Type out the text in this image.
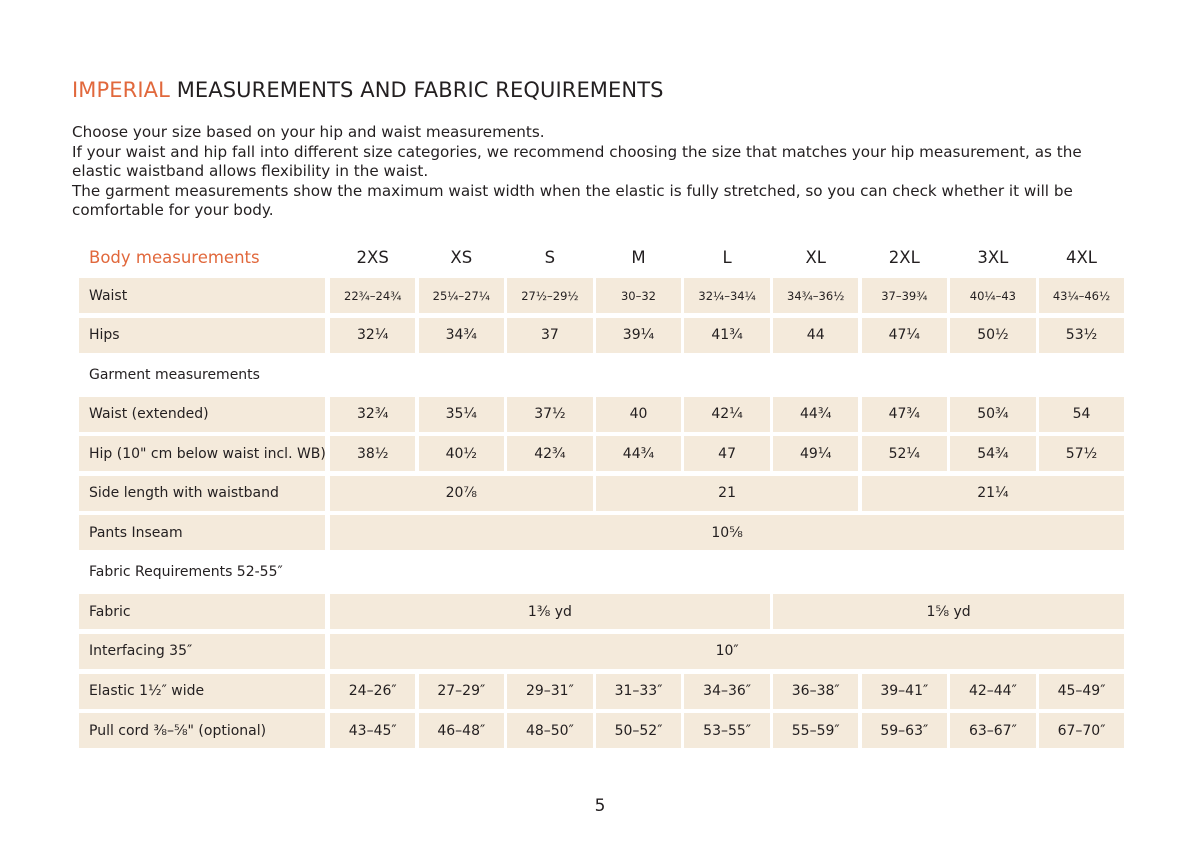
IMPERIAL MEASUREMENTS AND FABRIC REQUIREMENTS

Choose your size based on your hip and waist measurements.

If your waist and hip fall into different size categories, we recommend choosing the size that matches your hip measurement, as the elastic waistband allows flexibility in the waist.

The garment measurements show the maximum waist width when the elastic is fully stretched, so you can check whether it will be comfortable for your body.

Body measurements	2XS	XS	S	M	L	XL	2XL	3XL	4XL
Waist	22¾–24¾	25¼–27¼	27½–29½	30–32	32¼–34¼	34¾–36½	37–39¾	40¼–43	43¼–46½
Hips	32¼	34¾	37	39¼	41¾	44	47¼	50½	53½
Garment measurements
Waist (extended)	32¾	35¼	37½	40	42¼	44¾	47¾	50¾	54
Hip (10" cm below waist incl. WB)	38½	40½	42¾	44¾	47	49¼	52¼	54¾	57½
Side length with waistband	20⅞	21	21¼
Pants Inseam	10⅝
Fabric Requirements 52-55″
Fabric	1⅜ yd	1⅝ yd
Interfacing 35″	10″
Elastic 1½″ wide	24–26″	27–29″	29–31″	31–33″	34–36″	36–38″	39–41″	42–44″	45–49″
Pull cord ⅜–⅝" (optional)	43–45″	46–48″	48–50″	50–52″	53–55″	55–59″	59–63″	63–67″	67–70″
5
